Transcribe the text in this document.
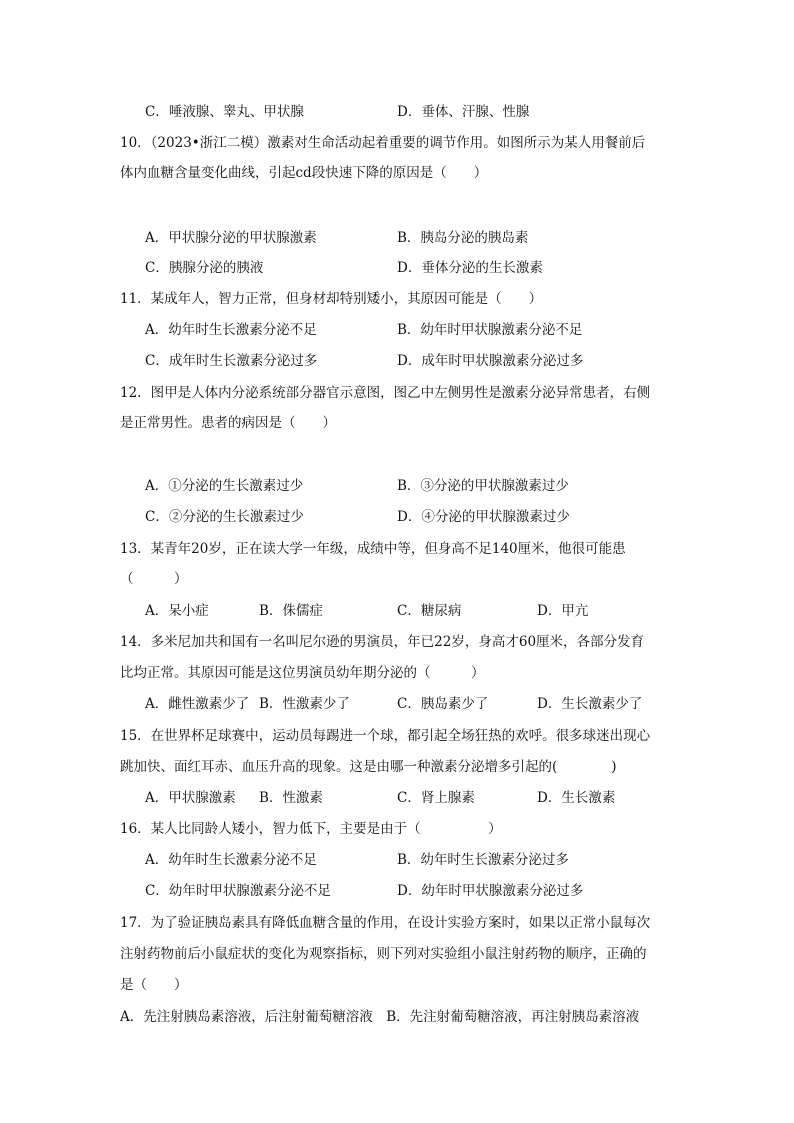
C．唾液腺、睾丸、甲状腺	D．垂体、汗腺、性腺
10．（2023•浙江二模）激素对生命活动起着重要的调节作用。如图所示为某人用餐前后
体内血糖含量变化曲线，引起cd段快速下降的原因是（　　）
A．甲状腺分泌的甲状腺激素	B．胰岛分泌的胰岛素
C．胰腺分泌的胰液	D．垂体分泌的生长激素
11．某成年人，智力正常，但身材却特别矮小，其原因可能是（　　）
A．幼年时生长激素分泌不足	B．幼年时甲状腺激素分泌不足
C．成年时生长激素分泌过多	D．成年时甲状腺激素分泌过多
12．图甲是人体内分泌系统部分器官示意图，图乙中左侧男性是激素分泌异常患者，右侧
是正常男性。患者的病因是（　　）
A．①分泌的生长激素过少	B．③分泌的甲状腺激素过少
C．②分泌的生长激素过少	D．④分泌的甲状腺激素过少
13．某青年20岁，正在读大学一年级，成绩中等，但身高不足140厘米，他很可能患
（　　　）
A．呆小症	B．侏儒症	C．糖尿病	D．甲亢
14．多米尼加共和国有一名叫尼尔逊的男演员，年已22岁，身高才60厘米，各部分发育
比均正常。其原因可能是这位男演员幼年期分泌的（　　　）
A．雌性激素少了 B．性激素少了	C．胰岛素少了	D．生长激素少了
15．在世界杯足球赛中，运动员每踢进一个球，都引起全场狂热的欢呼。很多球迷出现心
跳加快、面红耳赤、血压升高的现象。这是由哪一种激素分泌增多引起的(　　　　)
A．甲状腺激素 B．性激素	C．肾上腺素	D．生长激素
16．某人比同龄人矮小，智力低下，主要是由于（　　　　　）
A．幼年时生长激素分泌不足	B．幼年时生长激素分泌过多
C．幼年时甲状腺激素分泌不足	D．幼年时甲状腺激素分泌过多
17．为了验证胰岛素具有降低血糖含量的作用，在设计实验方案时，如果以正常小鼠每次
注射药物前后小鼠症状的变化为观察指标，则下列对实验组小鼠注射药物的顺序，正确的
是（　　）
A．先注射胰岛素溶液，后注射葡萄糖溶液　B．先注射葡萄糖溶液，再注射胰岛素溶液
